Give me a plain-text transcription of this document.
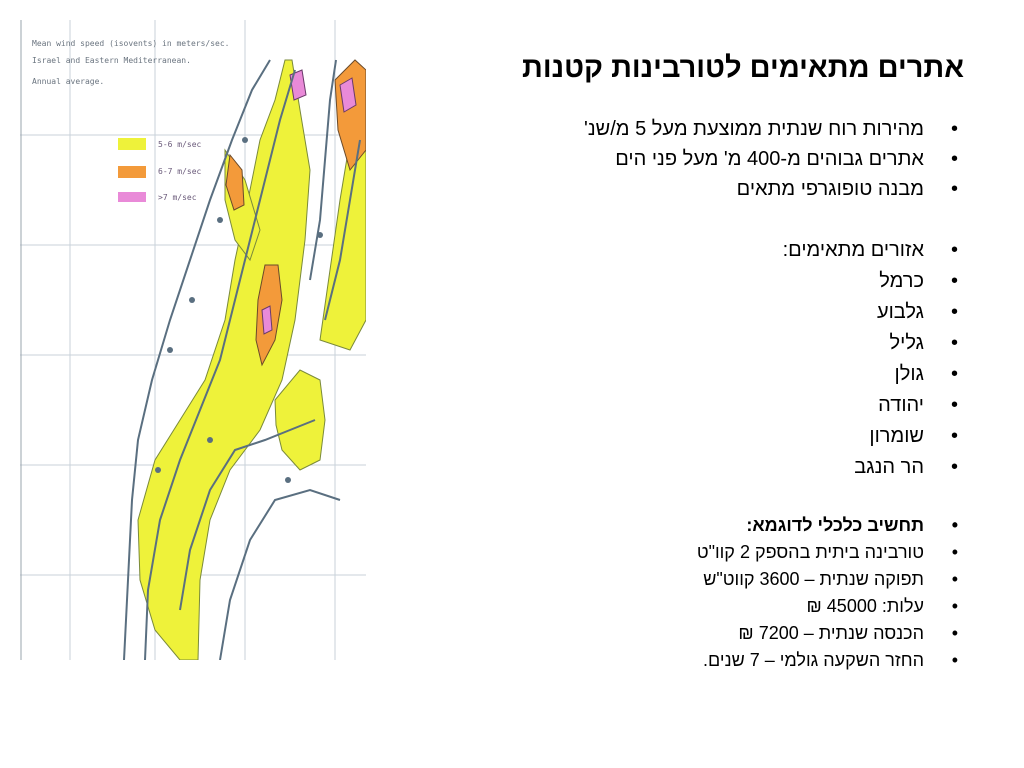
Mean wind speed (isovents) in meters/sec.
Israel and Eastern Mediterranean.
Annual average.
5-6 m/sec
6-7 m/sec
>7 m/sec
אתרים מתאימים לטורבינות קטנות
• מהירות רוח שנתית ממוצעת מעל 5 מ/שנ'
• אתרים גבוהים מ-400 מ' מעל פני הים
• מבנה טופוגרפי מתאים
• אזורים מתאימים:
• כרמל
• גלבוע
• גליל
• גולן
• יהודה
• שומרון
• הר הנגב
• תחשיב כלכלי לדוגמא:
• טורבינה ביתית בהספק 2 קוו"ט
• תפוקה שנתית – 3600 קווט"ש
• עלות: 45000 ₪
• הכנסה שנתית – 7200 ₪
• החזר השקעה גולמי – 7 שנים.
